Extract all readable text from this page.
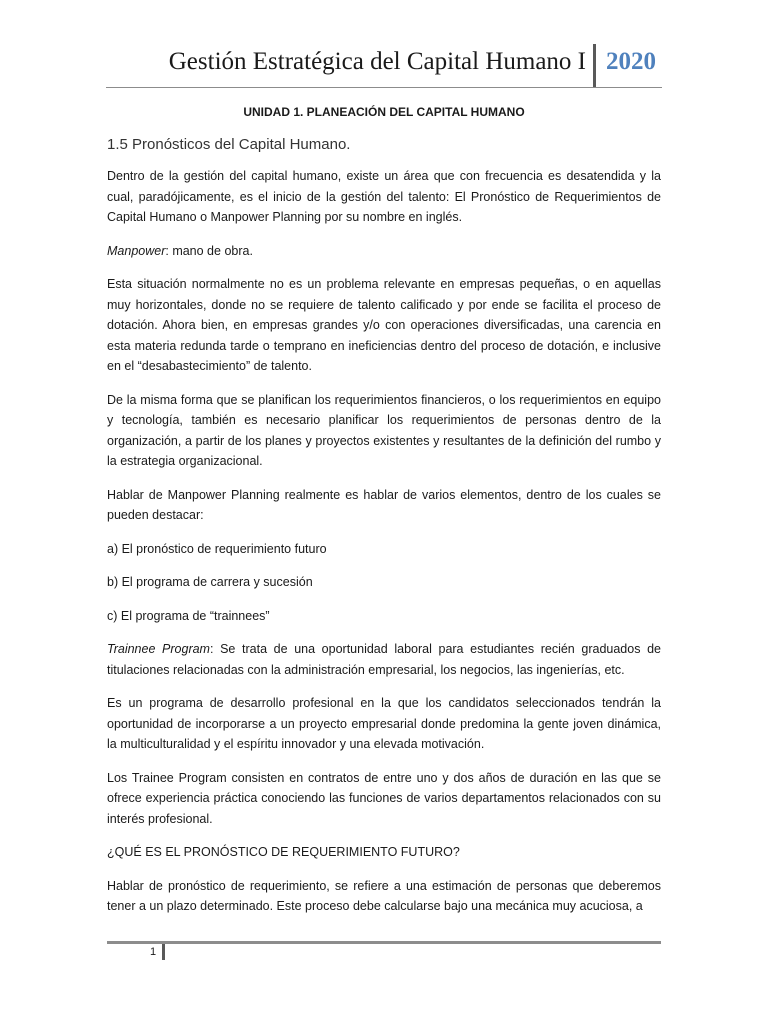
Gestión Estratégica del Capital Humano I 2020
UNIDAD 1. PLANEACIÓN DEL CAPITAL HUMANO
1.5 Pronósticos del Capital Humano.

Dentro de la gestión del capital humano, existe un área que con frecuencia es desatendida y la cual, paradójicamente, es el inicio de la gestión del talento: El Pronóstico de Requerimientos de Capital Humano o Manpower Planning por su nombre en inglés.

Manpower: mano de obra.

Esta situación normalmente no es un problema relevante en empresas pequeñas, o en aquellas muy horizontales, donde no se requiere de talento calificado y por ende se facilita el proceso de dotación. Ahora bien, en empresas grandes y/o con operaciones diversificadas, una carencia en esta materia redunda tarde o temprano en ineficiencias dentro del proceso de dotación, e inclusive en el “desabastecimiento” de talento.

De la misma forma que se planifican los requerimientos financieros, o los requerimientos en equipo y tecnología, también es necesario planificar los requerimientos de personas dentro de la organización, a partir de los planes y proyectos existentes y resultantes de la definición del rumbo y la estrategia organizacional.

Hablar de Manpower Planning realmente es hablar de varios elementos, dentro de los cuales se pueden destacar:

a) El pronóstico de requerimiento futuro

b) El programa de carrera y sucesión

c) El programa de “trainnees”

Trainnee Program: Se trata de una oportunidad laboral para estudiantes recién graduados de titulaciones relacionadas con la administración empresarial, los negocios, las ingenierías, etc.

Es un programa de desarrollo profesional en la que los candidatos seleccionados tendrán la oportunidad de incorporarse a un proyecto empresarial donde predomina la gente joven dinámica, la multiculturalidad y el espíritu innovador y una elevada motivación.

Los Trainee Program consisten en contratos de entre uno y dos años de duración en las que se ofrece experiencia práctica conociendo las funciones de varios departamentos relacionados con su interés profesional.

¿QUÉ ES EL PRONÓSTICO DE REQUERIMIENTO FUTURO?

Hablar de pronóstico de requerimiento, se refiere a una estimación de personas que deberemos tener a un plazo determinado. Este proceso debe calcularse bajo una mecánica muy acuciosa, a

1
